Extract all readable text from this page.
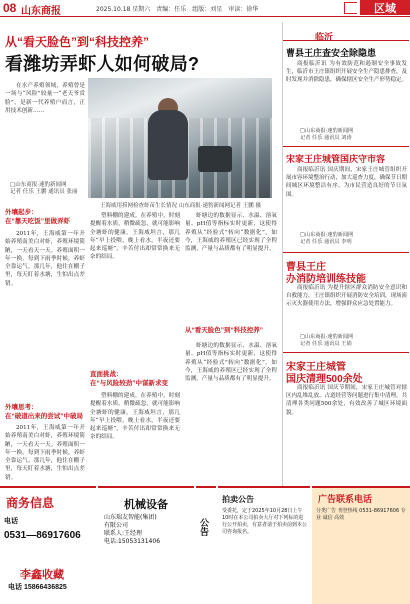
08 山东商报	2025.10.18 星期六　责编：任乐　组版：刘星　审读：徐华	区域
从“看天脸色”到“科技控养”
看潍坊弄虾人如何破局?
在水产养殖领域，养殖曾是一场与“风险”较量一“老天爷赏脸”，是新一代养殖户而言，正用技术创新……
□山东商报·速豹新闻网
记者 任乐 王鹏 通讯员 张丽
外壤起步：
在“靠天吃饭”里做弄虾
2011年，王海威第一年开始养殖南美白对虾，养殖环境简陋，一天看天一天。养殖面积一年一换，每到下雨季时候，养虾全靠运气。那几年，他住在棚子里，每天盯着水塘，生怕出点差错。
外壤思考：
在“破道出来的尝试”中破局
2011年，王海威第一年开始养殖南美白对虾，养殖环境简陋，一天看天一天。养殖面积一年一换，每到下雨季时候，养虾全靠运气。那几年，他住在棚子里，每天盯着水塘，生怕出点差错。
王海威用捞网检查虾苗生长情况 山东商报·速豹新闻网记者 王鹏 摄
塑料棚的建成。在养殖中，时刻提醒着水质，稍微疏忽，就可能影响全塘虾的健康。王海威坦言，那几年“早上投喂、晚上看水，半夜还要起来巡塘”，辛苦付出却常常换来无奈的结局。
直面挑战：
在“与风险较劲”中谋新求变
塑料棚的建成。在养殖中，时刻提醒着水质，稍微疏忽，就可能影响全塘虾的健康。王海威坦言，那几年“早上投喂、晚上看水，半夜还要起来巡塘”，辛苦付出却常常换来无奈的结局。
虾塘边的数据显示，水温、溶氧量、pH值等指标实时更新，这使得养殖从“经验式”转向“数据化”。如今，王海威的养殖区已经实现了全程监测，产量与品质都有了明显提升。
从“看天脸色”到“科技控养”
虾塘边的数据显示，水温、溶氧量、pH值等指标实时更新，这使得养殖从“经验式”转向“数据化”。如今，王海威的养殖区已经实现了全程监测，产量与品质都有了明显提升。
临沂
曹县王庄查安全除隐患
商报临沂讯 为有效防范和遏制安全事故发生，临沂市王庄镇组织开展安全生产隐患排查，及时发现并消除隐患，确保辖区安全生产形势稳定。
□山东商报·速豹新闻网
记者 任乐 通讯员 刘涛
宋家王庄城管国庆守市容
商报临沂讯 国庆期间，宋家王庄城管组织开展市容环境整治行动，加大巡查力度，确保节日期间城区环境整洁有序，为市民营造良好的节日氛围。
□山东商报·速豹新闻网
记者 任乐 通讯员 李明
曹县王庄
办消防培训练技能
商报临沂讯 为提升辖区群众消防安全意识和自救能力，王庄镇组织开展消防安全培训，现场演示灭火器使用方法，增强群众应急处置能力。
□山东商报·速豹新闻网
记者 任乐 通讯员 王娟
宋家王庄城管
国庆清理500余处
商报临沂讯 国庆节期间，宋家王庄城管对辖区内乱堆乱放、占道经营等问题进行集中清理，共清理各类问题500余处，有效改善了城区环境面貌。
商务信息
电话
0531—86917606
李鑫收藏
电话 15866436825
机械设备
山东瑞友智能(集团)
有限公司
联系人:王经理
电话:15053131406
公告
拍卖公告
受委托，定于2025年10月28日上午10时在本公司拍卖大厅对下列标的进行公开拍卖，有意者请于拍卖前到本公司咨询报名。
广告联系电话
分类广告 刊登热线 0531-86917606 专业 诚信 高效
